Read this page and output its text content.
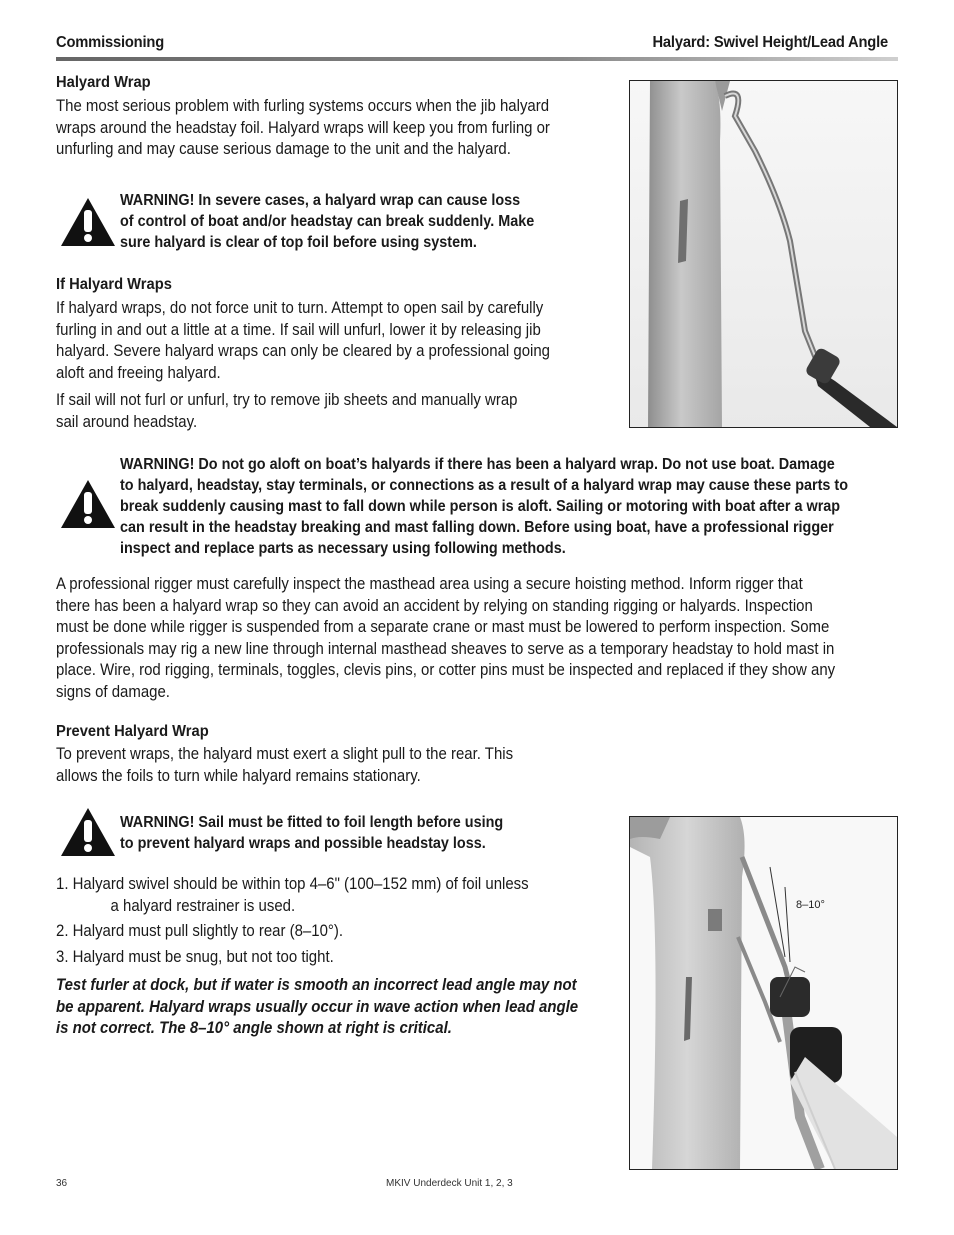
Commissioning	Halyard: Swivel Height/Lead Angle
Halyard Wrap
The most serious problem with furling systems occurs when the jib halyard
wraps around the headstay foil. Halyard wraps will keep you from furling or
unfurling and may cause serious damage to the unit and the halyard.
WARNING! In severe cases, a halyard wrap can cause loss
of control of boat and/or headstay can break suddenly. Make
sure halyard is clear of top foil before using system.
If Halyard Wraps
If halyard wraps, do not force unit to turn. Attempt to open sail by carefully
furling in and out a little at a time. If sail will unfurl, lower it by releasing jib
halyard. Severe halyard wraps can only be cleared by a professional going
aloft and freeing halyard.
If sail will not furl or unfurl, try to remove jib sheets and manually wrap
sail around headstay.
WARNING! Do not go aloft on boat’s halyards if there has been a halyard wrap. Do not use boat. Damage
to halyard, headstay, stay terminals, or connections as a result of a halyard wrap may cause these parts to
break suddenly causing mast to fall down while person is aloft. Sailing or motoring with boat after a wrap
can result in the headstay breaking and mast falling down. Before using boat, have a professional rigger
inspect and replace parts as necessary using following methods.
A professional rigger must carefully inspect the masthead area using a secure hoisting method. Inform rigger that
there has been a halyard wrap so they can avoid an accident by relying on standing rigging or halyards. Inspection
must be done while rigger is suspended from a separate crane or mast must be lowered to perform inspection. Some
professionals may rig a new line through internal masthead sheaves to serve as a temporary headstay to hold mast in
place. Wire, rod rigging, terminals, toggles, clevis pins, or cotter pins must be inspected and replaced if they show any
signs of damage.
Prevent Halyard Wrap
To prevent wraps, the halyard must exert a slight pull to the rear. This
allows the foils to turn while halyard remains stationary.
WARNING! Sail must be fitted to foil length before using
to prevent halyard wraps and possible headstay loss.
1. Halyard swivel should be within top 4–6" (100–152 mm) of foil unless
a halyard restrainer is used.
2. Halyard must pull slightly to rear (8–10°).
3. Halyard must be snug, but not too tight.
Test furler at dock, but if water is smooth an incorrect lead angle may not
be apparent. Halyard wraps usually occur in wave action when lead angle
is not correct. The 8–10° angle shown at right is critical.
8–10°
36	MKIV Underdeck Unit 1, 2, 3
